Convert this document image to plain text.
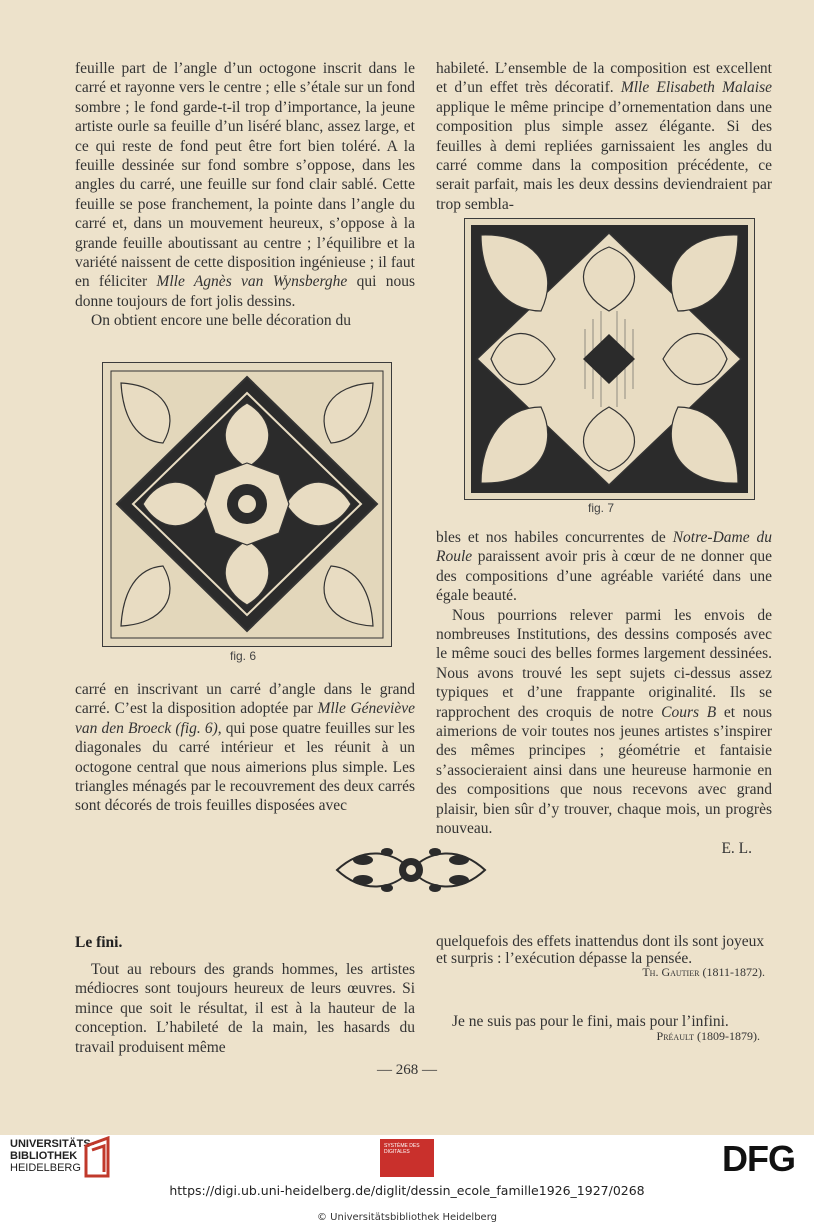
feuille part de l’angle d’un octogone inscrit dans le carré et rayonne vers le centre ; elle s’étale sur un fond sombre ; le fond garde-t-il trop d’importance, la jeune artiste ourle sa feuille d’un liséré blanc, assez large, et ce qui reste de fond peut être fort bien toléré. A la feuille dessinée sur fond sombre s’oppose, dans les angles du carré, une feuille sur fond clair sablé. Cette feuille se pose franchement, la pointe dans l’angle du carré et, dans un mouvement heureux, s’oppose à la grande feuille aboutissant au centre ; l’équilibre et la variété naissent de cette disposition ingénieuse ; il faut en féliciter Mlle Agnès van Wynsberghe qui nous donne toujours de fort jolis dessins.

On obtient encore une belle décoration du

habileté. L’ensemble de la composition est excellent et d’un effet très décoratif. Mlle Elisabeth Malaise applique le même principe d’ornementation dans une composition plus simple assez élégante. Si des feuilles à demi repliées garnissaient les angles du carré comme dans la composition précédente, ce serait parfait, mais les deux dessins deviendraient par trop sembla-

fig. 6
fig. 7

carré en inscrivant un carré d’angle dans le grand carré. C’est la disposition adoptée par Mlle Géneviève van den Broeck (fig. 6), qui pose quatre feuilles sur les diagonales du carré intérieur et les réunit à un octogone central que nous aimerions plus simple. Les triangles ménagés par le recouvrement des deux carrés sont décorés de trois feuilles disposées avec

bles et nos habiles concurrentes de Notre-Dame du Roule paraissent avoir pris à cœur de ne donner que des compositions d’une agréable variété dans une égale beauté.

Nous pourrions relever parmi les envois de nombreuses Institutions, des dessins composés avec le même souci des belles formes largement dessinées. Nous avons trouvé les sept sujets ci-dessus assez typiques et d’une frappante originalité. Ils se rapprochent des croquis de notre Cours B et nous aimerions de voir toutes nos jeunes artistes s’inspirer des mêmes principes ; géométrie et fantaisie s’associeraient ainsi dans une heureuse harmonie en des compositions que nous recevons avec grand plaisir, bien sûr d’y trouver, chaque mois, un progrès nouveau.

E. L.

Le fini.
Tout au rebours des grands hommes, les artistes médiocres sont toujours heureux de leurs œuvres. Si mince que soit le résultat, il est à la hauteur de la conception. L’habileté de la main, les hasards du travail produisent même
quelquefois des effets inattendus dont ils sont joyeux et surpris : l’exécution dépasse la pensée.
Th. Gautier (1811-1872).
Je ne suis pas pour le fini, mais pour l’infini.
Préault (1809-1879).
— 268 —
UNIVERSITÄTS-
BIBLIOTHEK
HEIDELBERG
SYSTÈME DES DIGITALES	DFG
https://digi.ub.uni-heidelberg.de/diglit/dessin_ecole_famille1926_1927/0268
© Universitätsbibliothek Heidelberg
